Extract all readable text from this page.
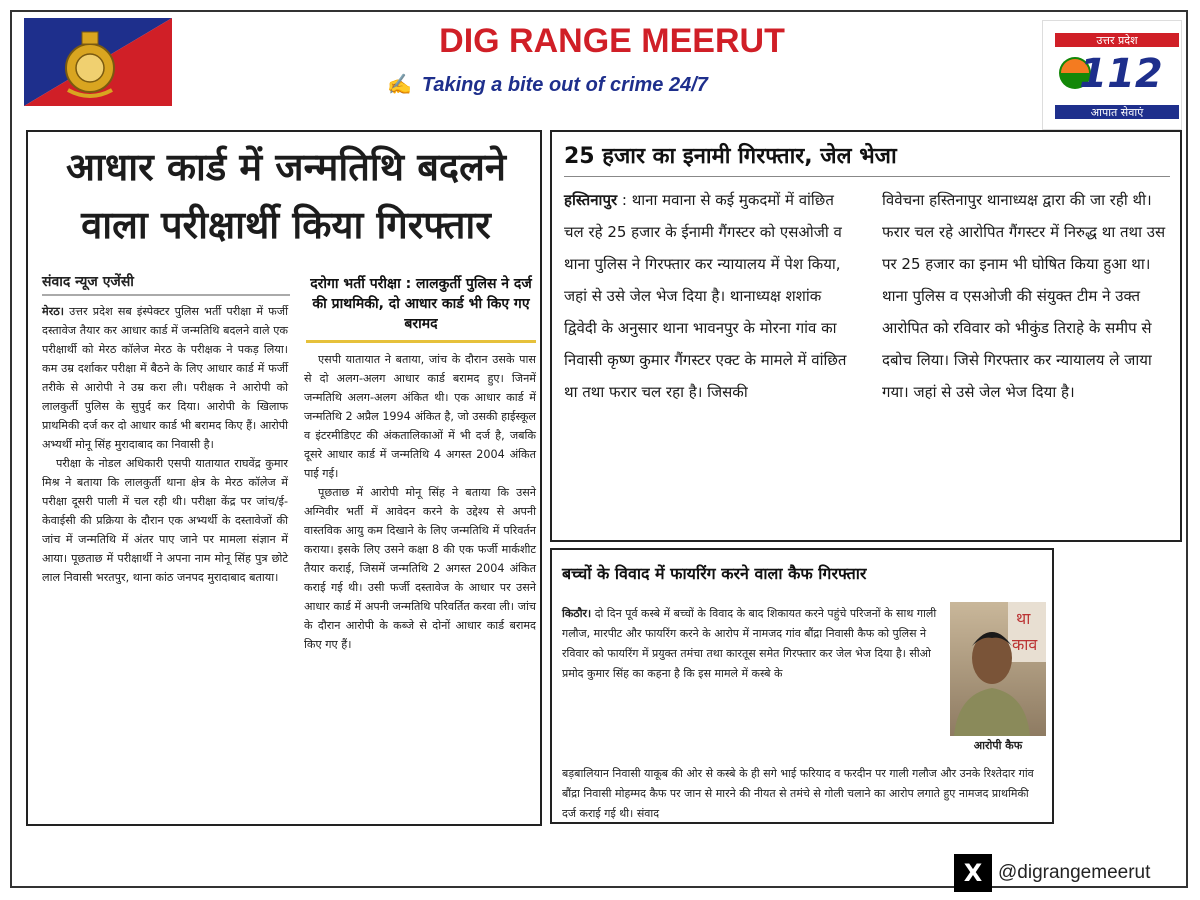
DIG RANGE MEERUT
✍ Taking a bite out of crime 24/7
उत्तर प्रदेश
112
आपात सेवाएं
आधार कार्ड में जन्मतिथि बदलने वाला परीक्षार्थी किया गिरफ्तार
संवाद न्यूज एजेंसी	दरोगा भर्ती परीक्षा : लालकुर्ती पुलिस ने दर्ज की प्राथमिकी, दो आधार कार्ड भी किए गए बरामद

मेरठ। उत्तर प्रदेश सब इंस्पेक्टर पुलिस भर्ती परीक्षा में फर्जी दस्तावेज तैयार कर आधार कार्ड में जन्मतिथि बदलने वाले एक परीक्षार्थी को मेरठ कॉलेज मेरठ के परीक्षक ने पकड़ लिया। कम उम्र दर्शाकर परीक्षा में बैठने के लिए आधार कार्ड में फर्जी तरीके से आरोपी ने उम्र करा ली। परीक्षक ने आरोपी को लालकुर्ती पुलिस के सुपुर्द कर दिया। आरोपी के खिलाफ प्राथमिकी दर्ज कर दो आधार कार्ड भी बरामद किए हैं। आरोपी अभ्यर्थी मोनू सिंह मुरादाबाद का निवासी है।

परीक्षा के नोडल अधिकारी एसपी यातायात राघवेंद्र कुमार मिश्र ने बताया कि लालकुर्ती थाना क्षेत्र के मेरठ कॉलेज में परीक्षा दूसरी पाली में चल रही थी। परीक्षा केंद्र पर जांच/ई-केवाईसी की प्रक्रिया के दौरान एक अभ्यर्थी के दस्तावेजों की जांच में जन्मतिथि में अंतर पाए जाने पर मामला संज्ञान में आया। पूछताछ में परीक्षार्थी ने अपना नाम मोनू सिंह पुत्र छोटे लाल निवासी भरतपुर, थाना कांठ जनपद मुरादाबाद बताया।

एसपी यातायात ने बताया, जांच के दौरान उसके पास से दो अलग-अलग आधार कार्ड बरामद हुए। जिनमें जन्मतिथि अलग-अलग अंकित थी। एक आधार कार्ड में जन्मतिथि 2 अप्रैल 1994 अंकित है, जो उसकी हाईस्कूल व इंटरमीडिएट की अंकतालिकाओं में भी दर्ज है, जबकि दूसरे आधार कार्ड में जन्मतिथि 4 अगस्त 2004 अंकित पाई गई।

पूछताछ में आरोपी मोनू सिंह ने बताया कि उसने अग्निवीर भर्ती में आवेदन करने के उद्देश्य से अपनी वास्तविक आयु कम दिखाने के लिए जन्मतिथि में परिवर्तन कराया। इसके लिए उसने कक्षा 8 की एक फर्जी मार्कशीट तैयार कराई, जिसमें जन्मतिथि 2 अगस्त 2004 अंकित कराई गई थी। उसी फर्जी दस्तावेज के आधार पर उसने आधार कार्ड में अपनी जन्मतिथि परिवर्तित करवा ली। जांच के दौरान आरोपी के कब्जे से दोनों आधार कार्ड बरामद किए गए हैं।

25 हजार का इनामी गिरफ्तार, जेल भेजा
हस्तिनापुर : थाना मवाना से कई मुकदमों में वांछित चल रहे 25 हजार के ईनामी गैंगस्टर को एसओजी व थाना पुलिस ने गिरफ्तार कर न्यायालय में पेश किया, जहां से उसे जेल भेज दिया है। थानाध्यक्ष शशांक द्विवेदी के अनुसार थाना भावनपुर के मोरना गांव का निवासी कृष्ण कुमार गैंगस्टर एक्ट के मामले में वांछित था तथा फरार चल रहा है। जिसकी
विवेचना हस्तिनापुर थानाध्यक्ष द्वारा की जा रही थी। फरार चल रहे आरोपित गैंगस्टर में निरुद्ध था तथा उस पर 25 हजार का इनाम भी घोषित किया हुआ था। थाना पुलिस व एसओजी की संयुक्त टीम ने उक्त आरोपित को रविवार को भीकुंड तिराहे के समीप से दबोच लिया। जिसे गिरफ्तार कर न्यायालय ले जाया गया। जहां से उसे जेल भेज दिया है।
बच्चों के विवाद में फायरिंग करने वाला कैफ गिरफ्तार
किठौर। दो दिन पूर्व कस्बे में बच्चों के विवाद के बाद शिकायत करने पहुंचे परिजनों के साथ गाली गलौज, मारपीट और फायरिंग करने के आरोप में नामजद गांव बौंद्रा निवासी कैफ को पुलिस ने रविवार को फायरिंग में प्रयुक्त तमंचा तथा कारतूस समेत गिरफ्तार कर जेल भेज दिया है। सीओ प्रमोद कुमार सिंह का कहना है कि इस मामले में कस्बे के
था
काव
आरोपी कैफ
बड़बालियान निवासी याकूब की ओर से कस्बे के ही सगे भाई फरियाद व फरदीन पर गाली गलौज और उनके रिश्तेदार गांव बौंद्रा निवासी मोहम्मद कैफ पर जान से मारने की नीयत से तमंचे से गोली चलाने का आरोप लगाते हुए नामजद प्राथमिकी दर्ज कराई गई थी। संवाद
X @digrangemeerut
